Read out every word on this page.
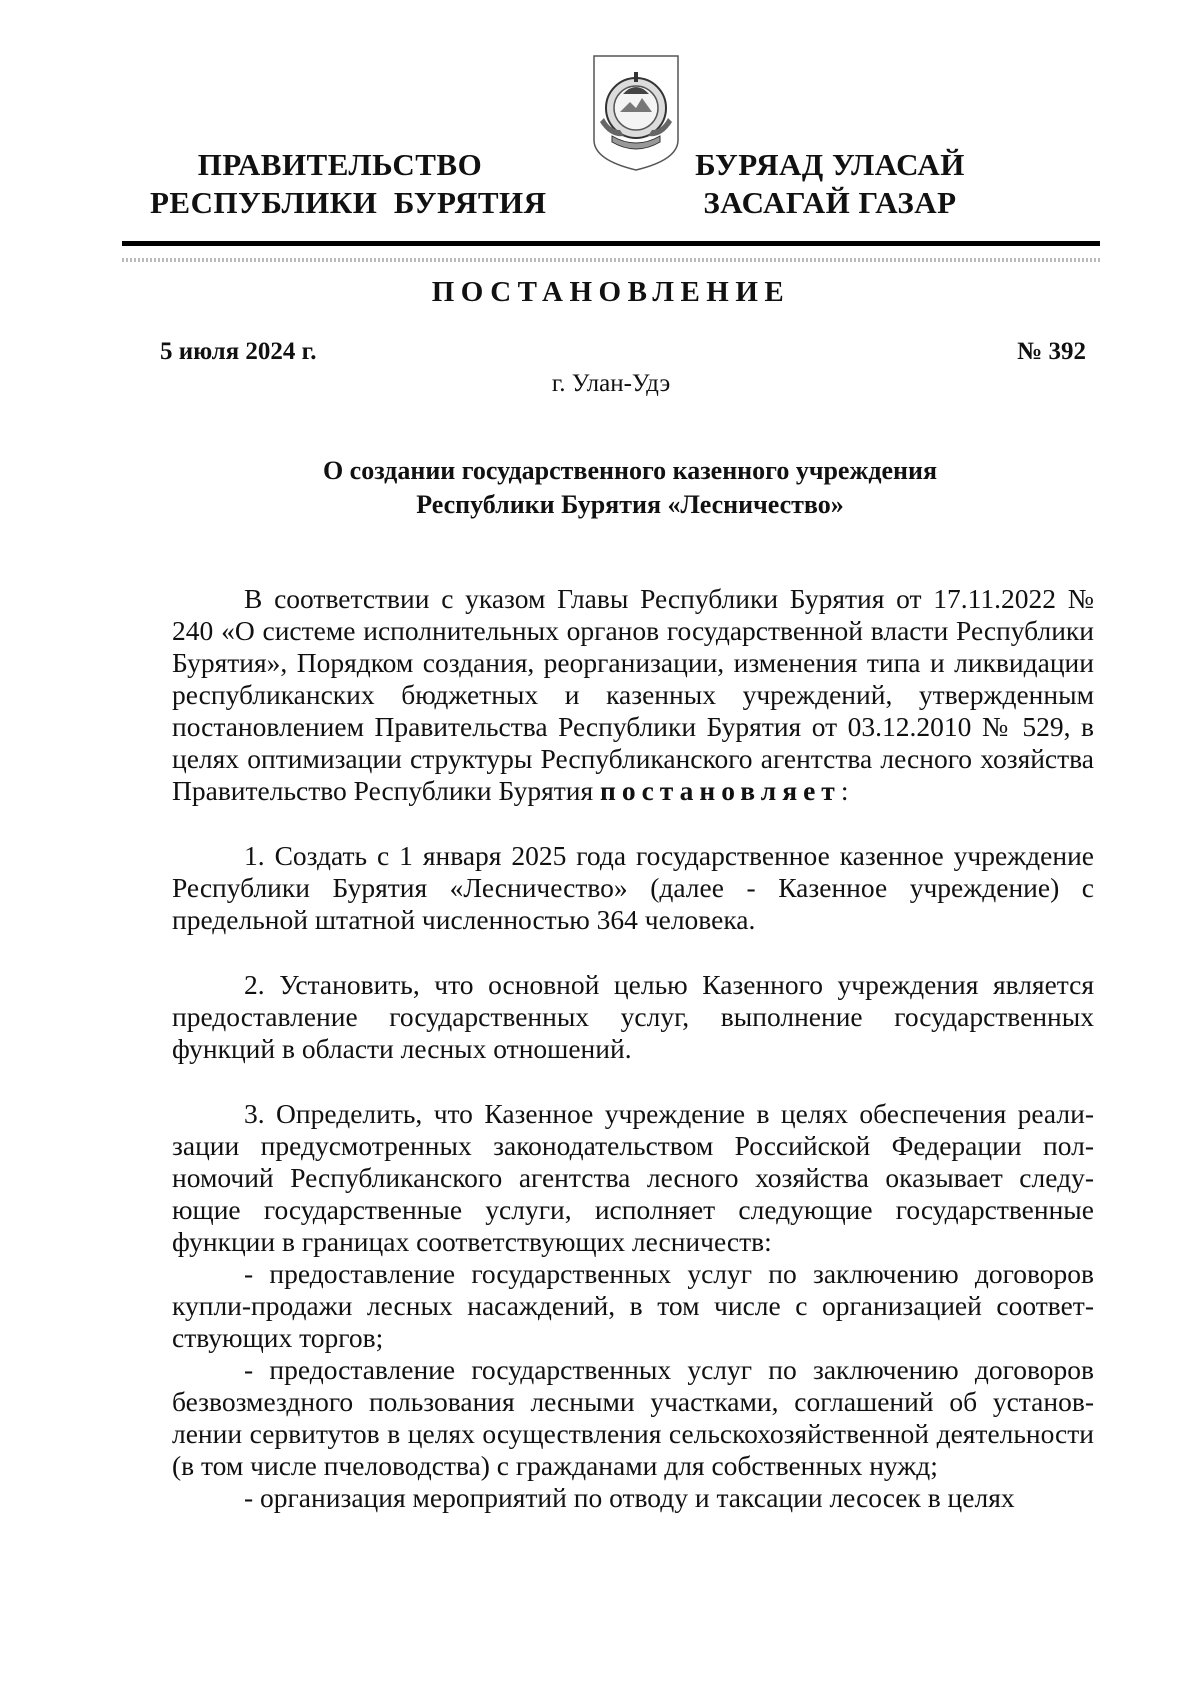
ПРАВИТЕЛЬСТВО
РЕСПУБЛИКИ  БУРЯТИЯ
БУРЯАД УЛАСАЙ
ЗАСАГАЙ ГАЗАР
ПОСТАНОВЛЕНИЕ
5 июля 2024 г.	№ 392
г. Улан-Удэ
О создании государственного казенного учреждения
Республики Бурятия «Лесничество»

В соответствии с указом Главы Республики Бурятия от 17.11.2022 № 240 «О системе исполнительных органов государственной власти Республики Бурятия», Порядком создания, реорганизации, изменения типа и ликвидации республиканских бюджетных и казенных учреждений, утвержденным постановлением Правительства Республики Бурятия от 03.12.2010 № 529, в целях оптимизации структуры Республиканского агентства лесного хозяйства Правительство Республики Бурятия постановляет:

1. Создать с 1 января 2025 года государственное казенное учреждение Республики Бурятия «Лесничество» (далее - Казенное учреждение) с предельной штатной численностью 364 человека.

2. Установить, что основной целью Казенного учреждения является предоставление государственных услуг, выполнение государственных функций в области лесных отношений.

3. Определить, что Казенное учреждение в целях обеспечения реализации предусмотренных законодательством Российской Федерации полномочий Республиканского агентства лесного хозяйства оказывает следующие государственные услуги, исполняет следующие государственные функции в границах соответствующих лесничеств:

- предоставление государственных услуг по заключению договоров купли-продажи лесных насаждений, в том числе с организацией соответствующих торгов;

- предоставление государственных услуг по заключению договоров безвозмездного пользования лесными участками, соглашений об установлении сервитутов в целях осуществления сельскохозяйственной деятельности (в том числе пчеловодства) с гражданами для собственных нужд;

- организация мероприятий по отводу и таксации лесосек в целях
